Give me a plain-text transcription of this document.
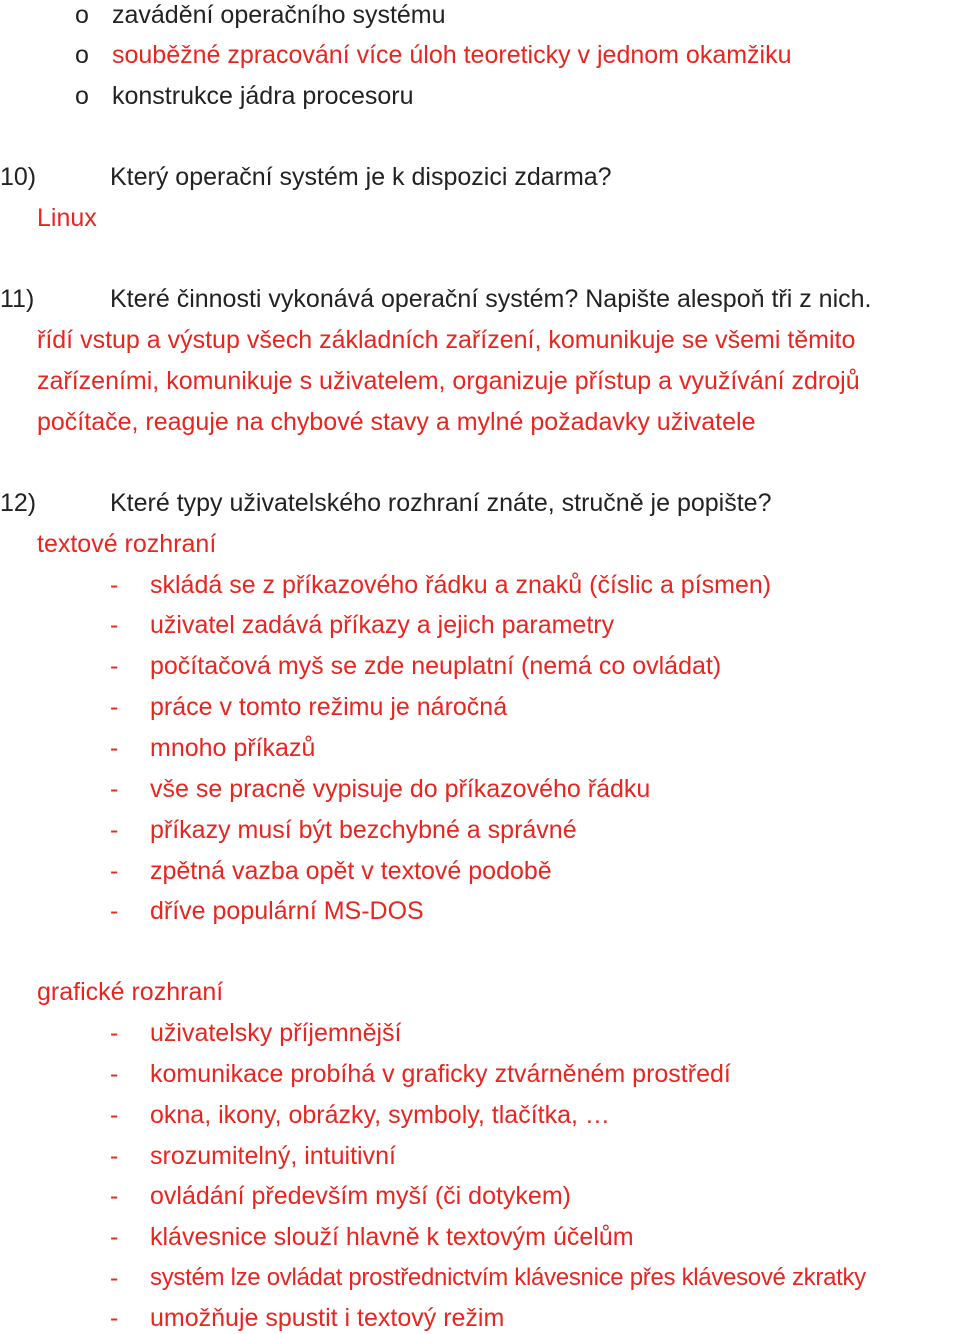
o zavádění operačního systému
o souběžné zpracování více úloh teoreticky v jednom okamžiku
o konstrukce jádra procesoru
10)	Který operační systém je k dispozici zdarma?
Linux
11)	Které činnosti vykonává operační systém? Napište alespoň tři z nich.
řídí vstup a výstup všech základních zařízení, komunikuje se všemi těmito
zařízeními, komunikuje s uživatelem, organizuje přístup a využívání zdrojů
počítače, reaguje na chybové stavy a mylné požadavky uživatele
12)	Které typy uživatelského rozhraní znáte, stručně je popište?
textové rozhraní
- skládá se z příkazového řádku a znaků (číslic a písmen)
- uživatel zadává příkazy a jejich parametry
- počítačová myš se zde neuplatní (nemá co ovládat)
- práce v tomto režimu je náročná
- mnoho příkazů
- vše se pracně vypisuje do příkazového řádku
- příkazy musí být bezchybné a správné
- zpětná vazba opět v textové podobě
- dříve populární MS-DOS
grafické rozhraní
- uživatelsky příjemnější
- komunikace probíhá v graficky ztvárněném prostředí
- okna, ikony, obrázky, symboly, tlačítka, …
- srozumitelný, intuitivní
- ovládání především myší (či dotykem)
- klávesnice slouží hlavně k textovým účelům
- systém lze ovládat prostřednictvím klávesnice přes klávesové zkratky
- umožňuje spustit i textový režim
